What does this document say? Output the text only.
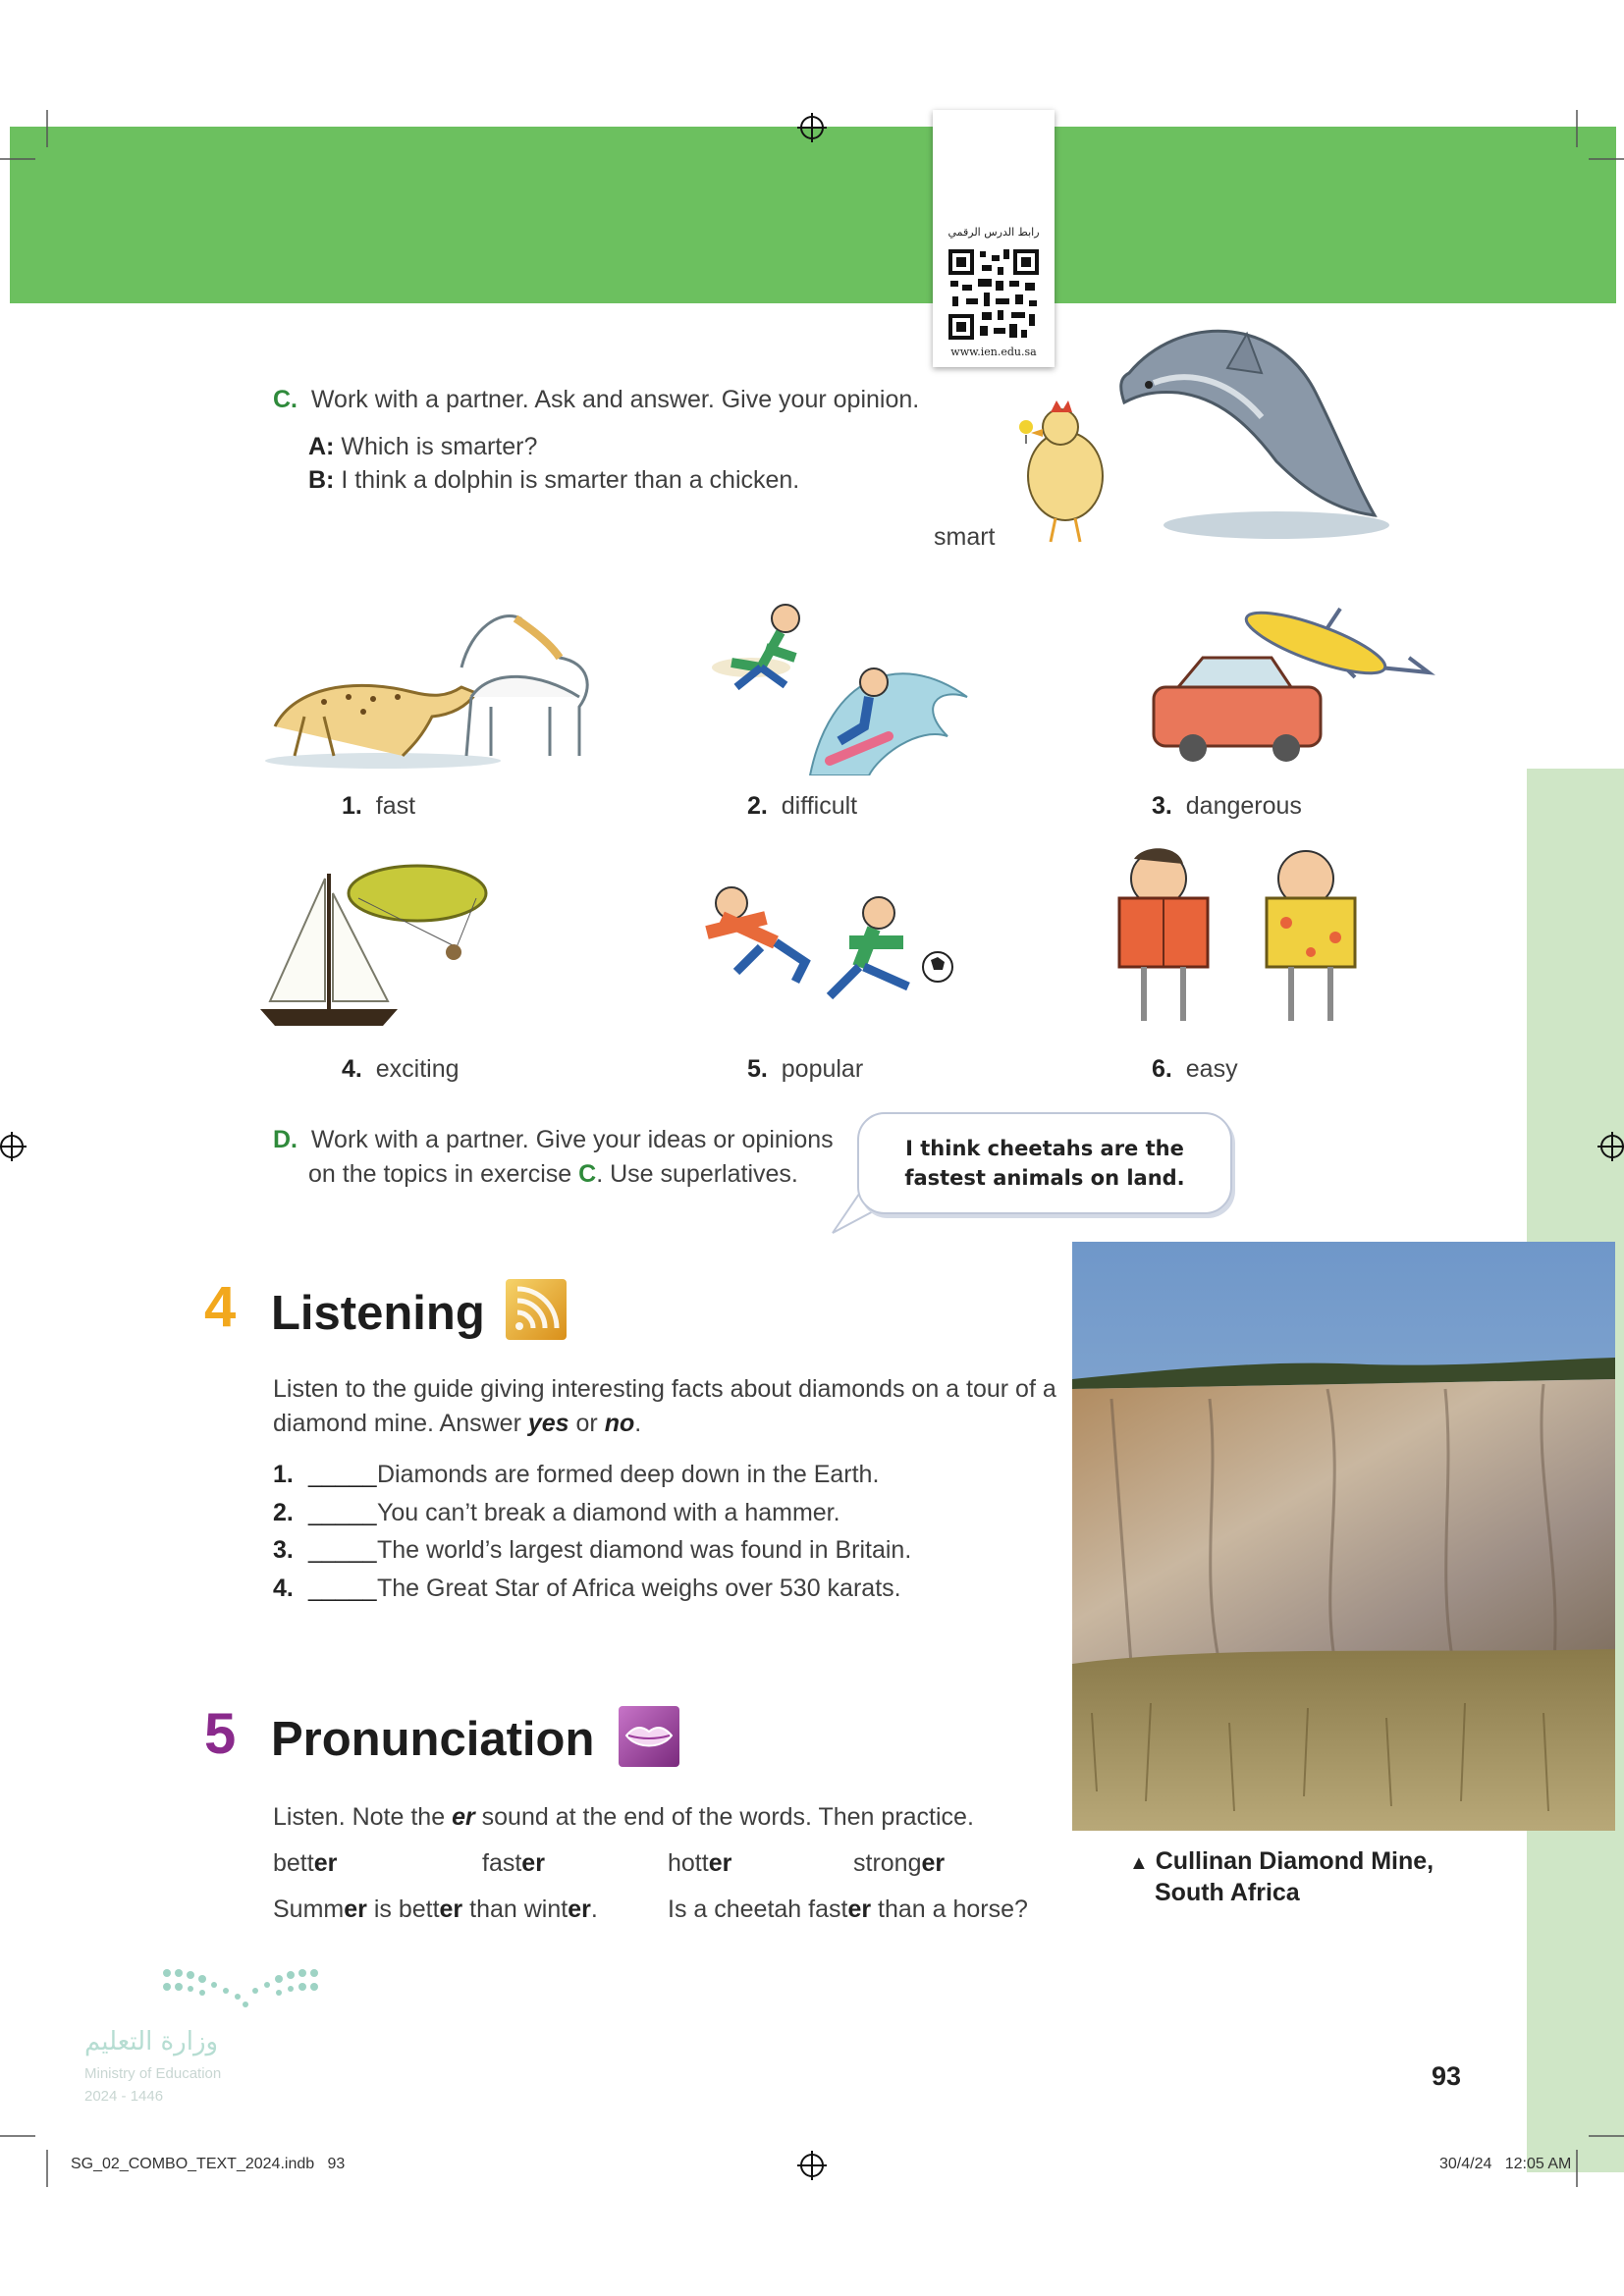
رابط الدرس الرقمي
www.ien.edu.sa
C. Work with a partner. Ask and answer. Give your opinion.
A: Which is smarter?
B: I think a dolphin is smarter than a chicken.
smart
1. fast	2. difficult	3. dangerous
4. exciting	5. popular	6. easy
D. Work with a partner. Give your ideas or opinions
on the topics in exercise C. Use superlatives.
I think cheetahs are the
fastest animals on land.
4 Listening
Listen to the guide giving interesting facts about diamonds on a tour of a
diamond mine. Answer yes or no.
1. _____Diamonds are formed deep down in the Earth.
2. _____You can’t break a diamond with a hammer.
3. _____The world’s largest diamond was found in Britain.
4. _____The Great Star of Africa weighs over 530 karats.
5 Pronunciation
Listen. Note the er sound at the end of the words. Then practice.
better	faster	hotter	stronger
Summer is better than winter.	Is a cheetah faster than a horse?
▲ Cullinan Diamond Mine,
South Africa
وزارة التعليم
Ministry of Education
2024 - 1446
93
SG_02_COMBO_TEXT_2024.indb   93	30/4/24   12:05 AM
